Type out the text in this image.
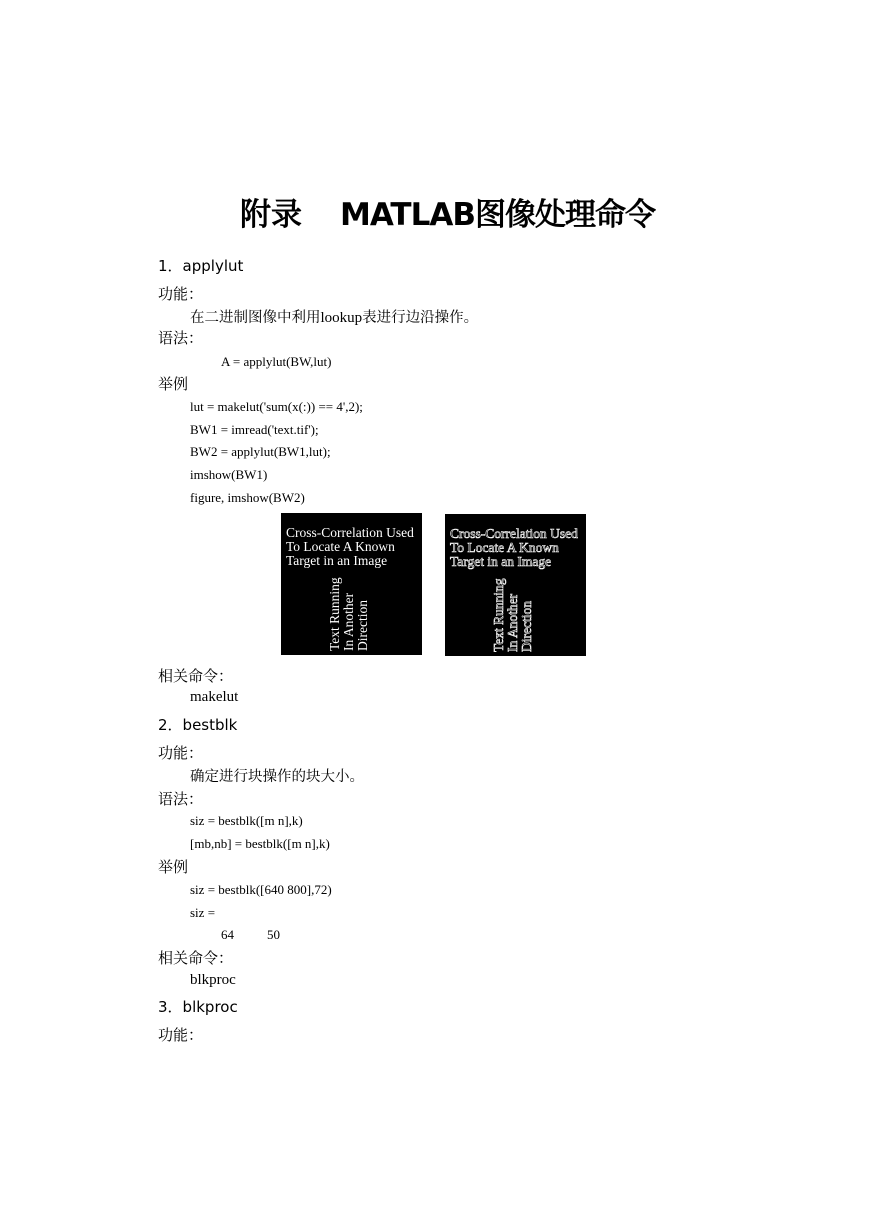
附录 MATLAB图像处理命令
1．applylut
功能：
在二进制图像中利用lookup表进行边沿操作。
语法：
A = applylut(BW,lut)
举例
lut = makelut('sum(x(:)) == 4',2);
BW1 = imread('text.tif');
BW2 = applylut(BW1,lut);
imshow(BW1)
figure, imshow(BW2)
Cross-Correlation Used
To Locate A Known
Target in an Image
Text Running In Another Direction
Cross-Correlation Used
To Locate A Known
Target in an Image
Text Running In Another Direction
相关命令：
makelut
2．bestblk
功能：
确定进行块操作的块大小。
语法：
siz = bestblk([m n],k)
[mb,nb] = bestblk([m n],k)
举例
siz = bestblk([640 800],72)
siz =
64	50
相关命令：
blkproc
3．blkproc
功能：
